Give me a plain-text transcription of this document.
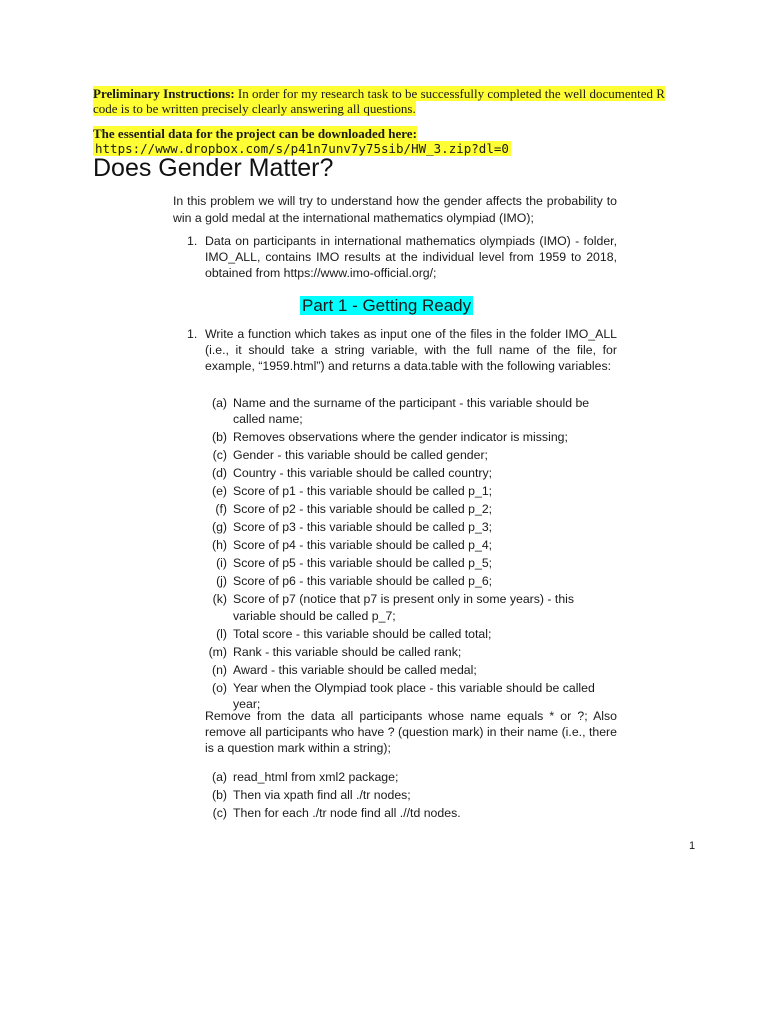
Preliminary Instructions: In order for my research task to be successfully completed the well documented R code is to be written precisely clearly answering all questions.
The essential data for the project can be downloaded here:
https://www.dropbox.com/s/p41n7unv7y75sib/HW_3.zip?dl=0
Does Gender Matter?
In this problem we will try to understand how the gender affects the probability to win a gold medal at the international mathematics olympiad (IMO);
1. Data on participants in international mathematics olympiads (IMO) - folder, IMO_ALL, contains IMO results at the individual level from 1959 to 2018, obtained from https://www.imo-official.org/;
Part 1 - Getting Ready
1. Write a function which takes as input one of the files in the folder IMO_ALL (i.e., it should take a string variable, with the full name of the file, for example, “1959.html”) and returns a data.table with the following variables:
(a) Name and the surname of the participant - this variable should be called name;
(b) Removes observations where the gender indicator is missing;
(c) Gender - this variable should be called gender;
(d) Country - this variable should be called country;
(e) Score of p1 - this variable should be called p_1;
(f) Score of p2 - this variable should be called p_2;
(g) Score of p3 - this variable should be called p_3;
(h) Score of p4 - this variable should be called p_4;
(i) Score of p5 - this variable should be called p_5;
(j) Score of p6 - this variable should be called p_6;
(k) Score of p7 (notice that p7 is present only in some years) - this variable should be called p_7;
(l) Total score - this variable should be called total;
(m) Rank - this variable should be called rank;
(n) Award - this variable should be called medal;
(o) Year when the Olympiad took place - this variable should be called year;
Remove from the data all participants whose name equals * or ?; Also remove all participants who have ? (question mark) in their name (i.e., there is a question mark within a string);
(a) read_html from xml2 package;
(b) Then via xpath find all ./tr nodes;
(c) Then for each ./tr node find all .//td nodes.
1
